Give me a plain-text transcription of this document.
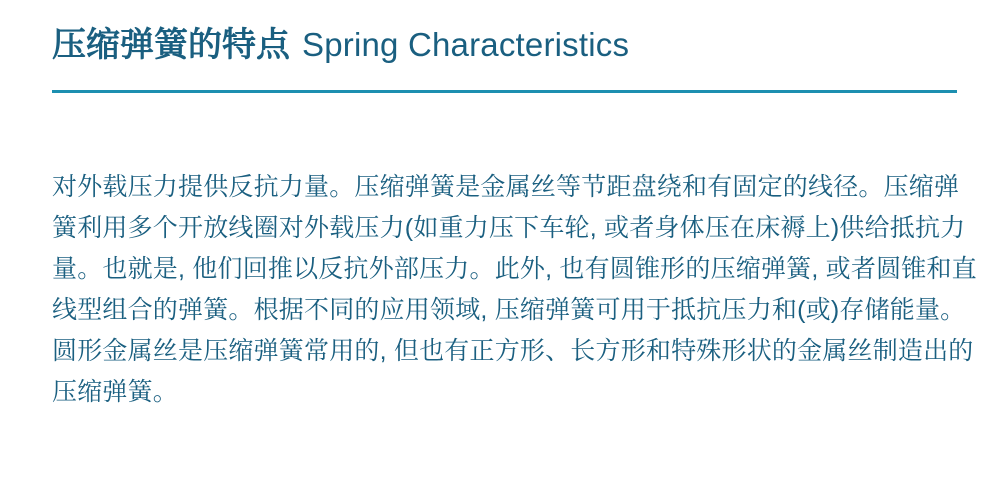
压缩弹簧的特点 Spring Characteristics

对外载压力提供反抗力量。压缩弹簧是金属丝等节距盘绕和有固定的线径。压缩弹簧利用多个开放线圈对外载压力(如重力压下车轮, 或者身体压在床褥上)供给抵抗力量。也就是, 他们回推以反抗外部压力。此外, 也有圆锥形的压缩弹簧, 或者圆锥和直线型组合的弹簧。根据不同的应用领域, 压缩弹簧可用于抵抗压力和(或)存储能量。圆形金属丝是压缩弹簧常用的, 但也有正方形、长方形和特殊形状的金属丝制造出的压缩弹簧。
